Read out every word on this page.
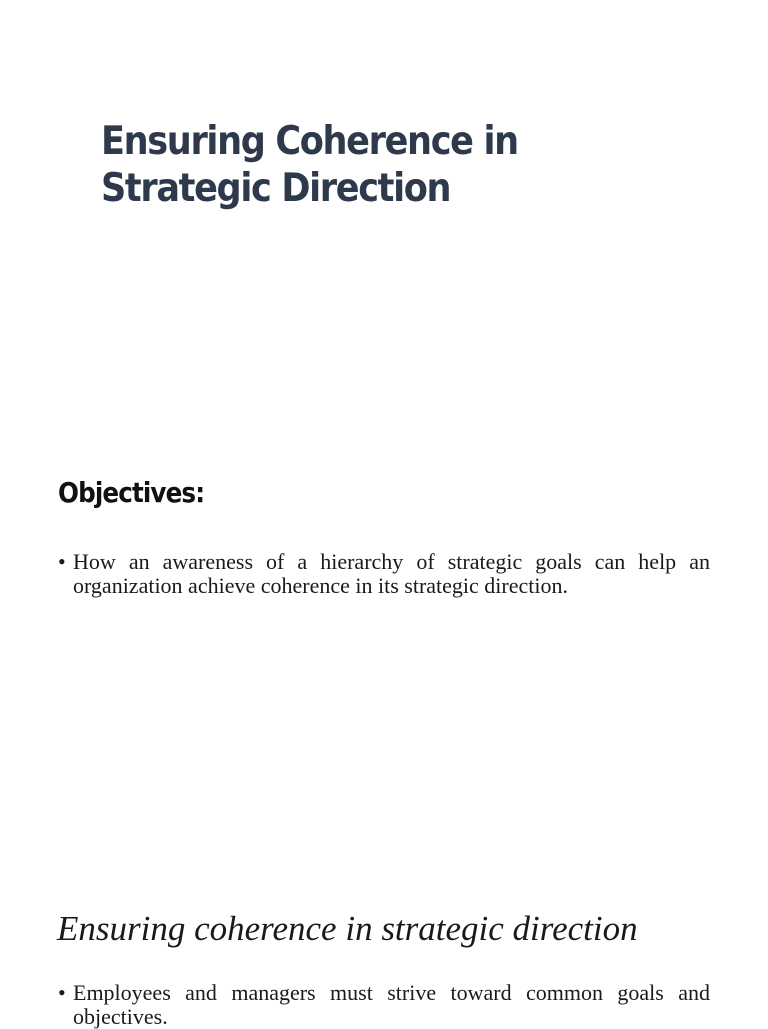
Ensuring Coherence in Strategic Direction
Objectives:
• How an awareness of a hierarchy of strategic goals can help an organization achieve coherence in its strategic direction.
Ensuring coherence in strategic direction
• Employees and managers must strive toward common goals and objectives.
